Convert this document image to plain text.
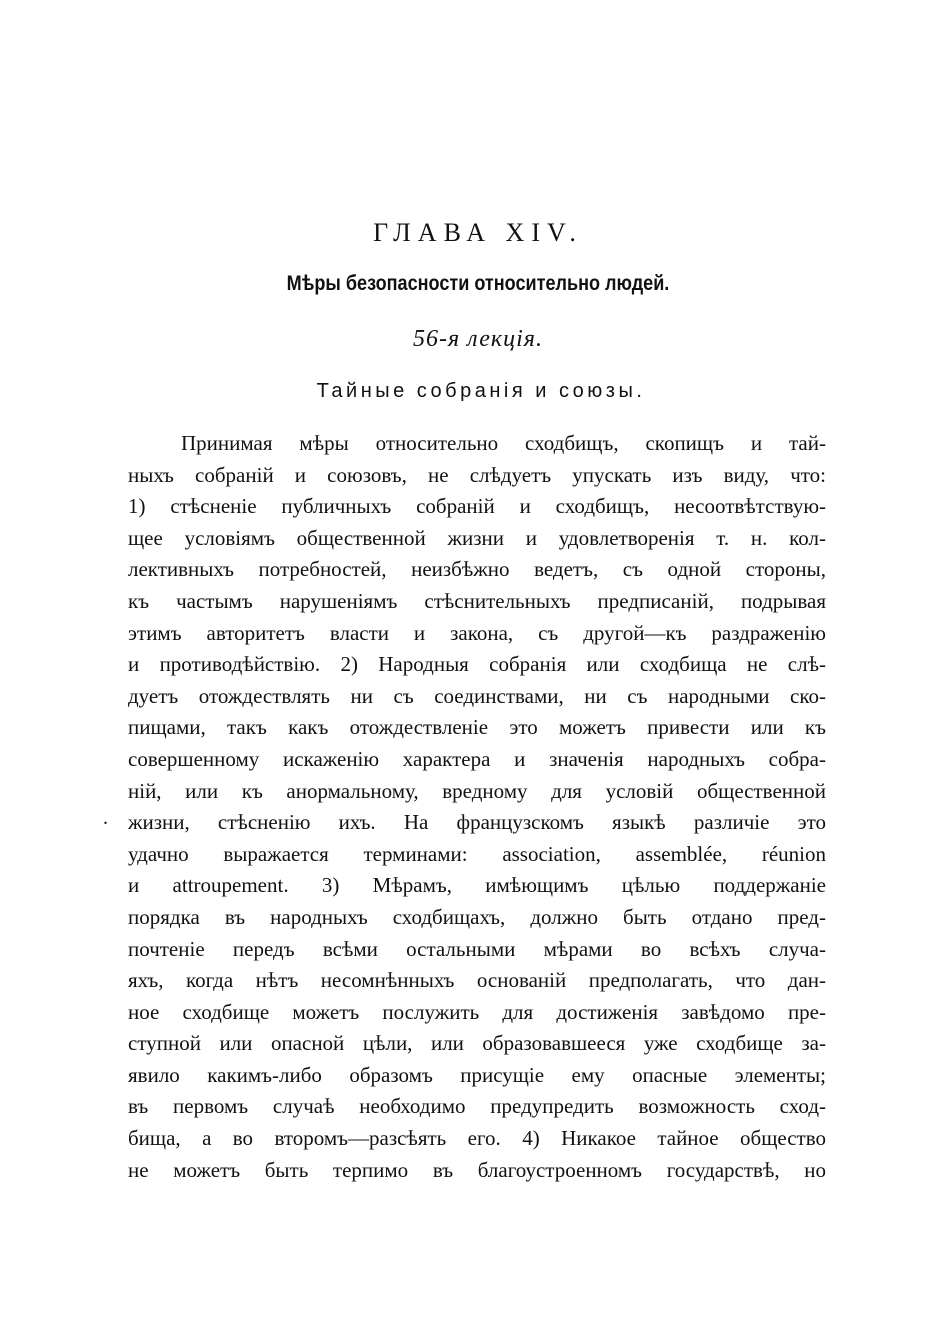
ГЛАВА XIV.
Мѣры безопасности относительно людей.
56-я лекція.
Тайные собранія и союзы.
.
Принимая мѣры относительно сходбищъ, скопищъ и тай-
ныхъ собраній и союзовъ, не слѣдуетъ упускать изъ виду, что:
1) стѣсненіе публичныхъ собраній и сходбищъ, несоотвѣтствую-
щее условіямъ общественной жизни и удовлетворенія т. н. кол-
лективныхъ потребностей, неизбѣжно ведетъ, съ одной стороны,
къ частымъ нарушеніямъ стѣснительныхъ предписаній, подрывая
этимъ авторитетъ власти и закона, съ другой—къ раздраженію
и противодѣйствію. 2) Народныя собранія или сходбища не слѣ-
дуетъ отождествлять ни съ соединствами, ни съ народными ско-
пищами, такъ какъ отождествленіе это можетъ привести или къ
совершенному искаженію характера и значенія народныхъ собра-
ній, или къ анормальному, вредному для условій общественной
жизни, стѣсненію ихъ. На французскомъ языкѣ различіе это
удачно выражается терминами: association, assemblée, réunion
и attroupement. 3) Мѣрамъ, имѣющимъ цѣлью поддержаніе
порядка въ народныхъ сходбищахъ, должно быть отдано пред-
почтеніе передъ всѣми остальными мѣрами во всѣхъ случа-
яхъ, когда нѣтъ несомнѣнныхъ основаній предполагать, что дан-
ное сходбище можетъ послужить для достиженія завѣдомо пре-
ступной или опасной цѣли, или образовавшееся уже сходбище за-
явило какимъ-либо образомъ присущіе ему опасные элементы;
въ первомъ случаѣ необходимо предупредить возможность сход-
бища, а во второмъ—разсѣять его. 4) Никакое тайное общество
не можетъ быть терпимо въ благоустроенномъ государствѣ, но
